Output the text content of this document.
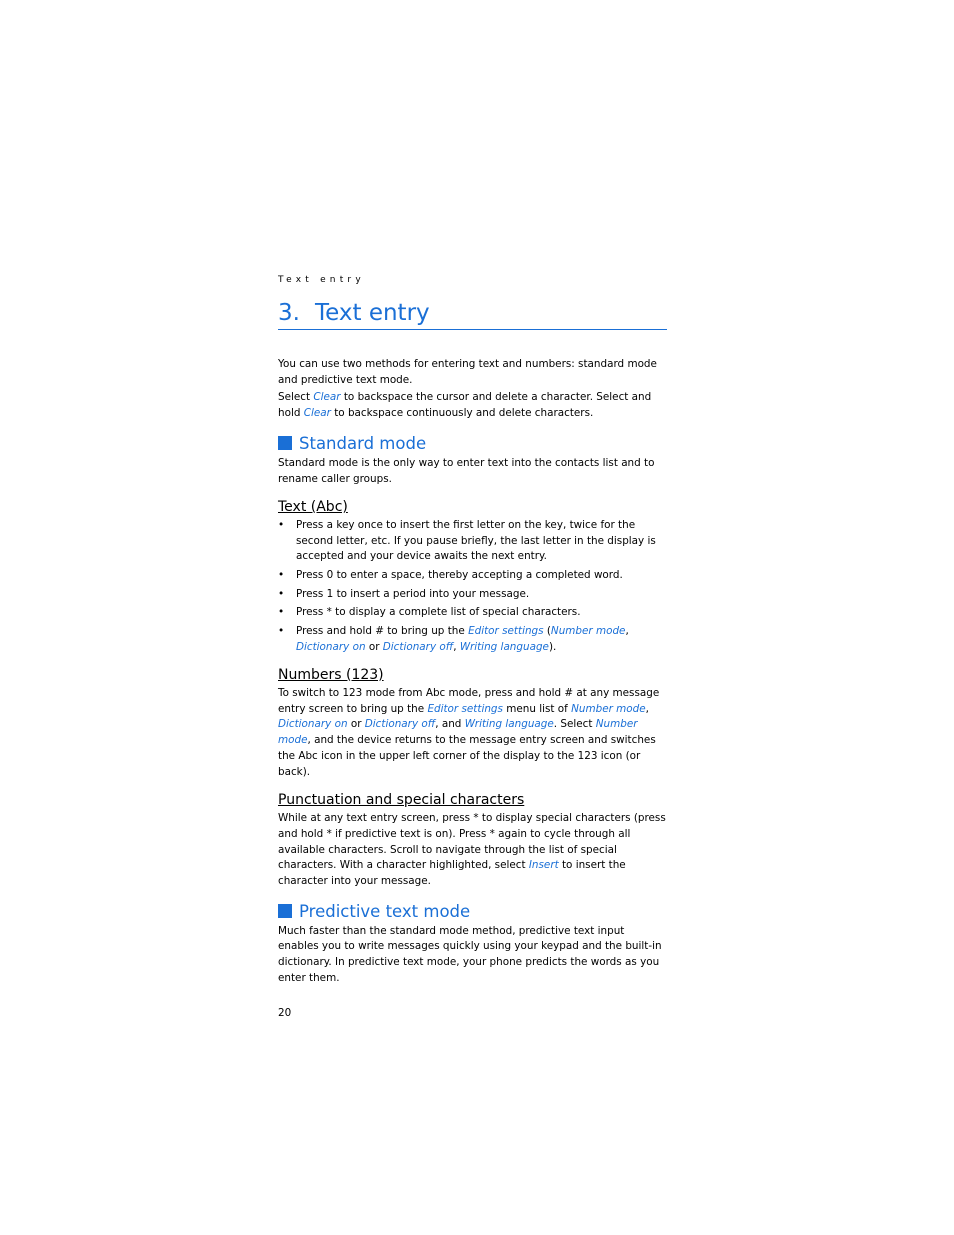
Text entry

3. Text entry

You can use two methods for entering text and numbers: standard mode and predictive text mode.

Select Clear to backspace the cursor and delete a character. Select and hold Clear to backspace continuously and delete characters.

Standard mode

Standard mode is the only way to enter text into the contacts list and to rename caller groups.

Text (Abc)
• Press a key once to insert the first letter on the key, twice for the second letter, etc. If you pause briefly, the last letter in the display is accepted and your device awaits the next entry.
• Press 0 to enter a space, thereby accepting a completed word.
• Press 1 to insert a period into your message.
• Press * to display a complete list of special characters.
• Press and hold # to bring up the Editor settings (Number mode, Dictionary on or Dictionary off, Writing language).
Numbers (123)

To switch to 123 mode from Abc mode, press and hold # at any message entry screen to bring up the Editor settings menu list of Number mode, Dictionary on or Dictionary off, and Writing language. Select Number mode, and the device returns to the message entry screen and switches the Abc icon in the upper left corner of the display to the 123 icon (or back).

Punctuation and special characters

While at any text entry screen, press * to display special characters (press and hold * if predictive text is on). Press * again to cycle through all available characters. Scroll to navigate through the list of special characters. With a character highlighted, select Insert to insert the character into your message.

Predictive text mode

Much faster than the standard mode method, predictive text input enables you to write messages quickly using your keypad and the built-in dictionary. In predictive text mode, your phone predicts the words as you enter them.

20
